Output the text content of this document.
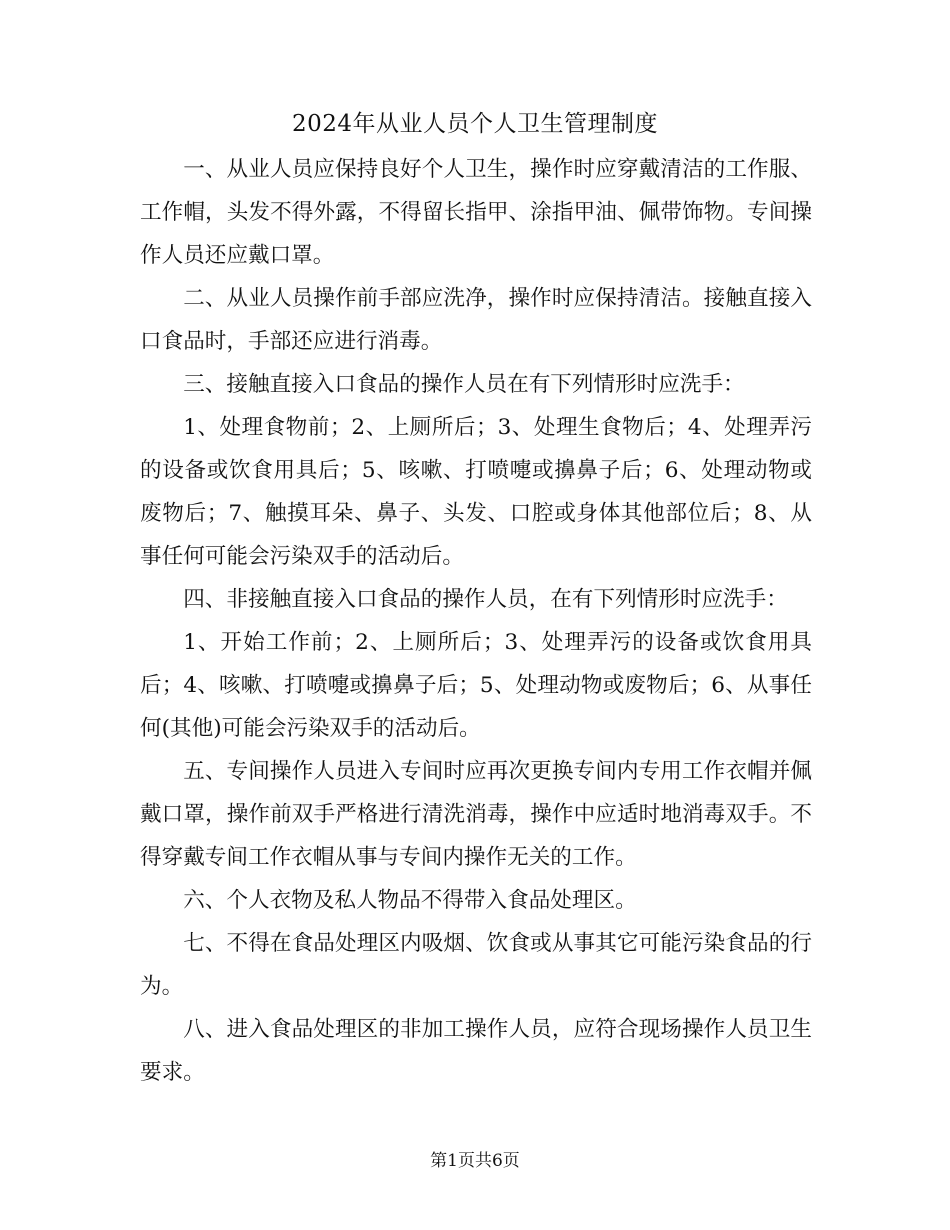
2024年从业人员个人卫生管理制度

一、从业人员应保持良好个人卫生，操作时应穿戴清洁的工作服、工作帽，头发不得外露，不得留长指甲、涂指甲油、佩带饰物。专间操作人员还应戴口罩。

二、从业人员操作前手部应洗净，操作时应保持清洁。接触直接入口食品时，手部还应进行消毒。

三、接触直接入口食品的操作人员在有下列情形时应洗手：

1、处理食物前；2、上厕所后；3、处理生食物后；4、处理弄污的设备或饮食用具后；5、咳嗽、打喷嚏或擤鼻子后；6、处理动物或废物后；7、触摸耳朵、鼻子、头发、口腔或身体其他部位后；8、从事任何可能会污染双手的活动后。

四、非接触直接入口食品的操作人员，在有下列情形时应洗手：

1、开始工作前；2、上厕所后；3、处理弄污的设备或饮食用具后；4、咳嗽、打喷嚏或擤鼻子后；5、处理动物或废物后；6、从事任何(其他)可能会污染双手的活动后。

五、专间操作人员进入专间时应再次更换专间内专用工作衣帽并佩戴口罩，操作前双手严格进行清洗消毒，操作中应适时地消毒双手。不得穿戴专间工作衣帽从事与专间内操作无关的工作。

六、个人衣物及私人物品不得带入食品处理区。

七、不得在食品处理区内吸烟、饮食或从事其它可能污染食品的行为。

八、进入食品处理区的非加工操作人员，应符合现场操作人员卫生要求。

第1页共6页
